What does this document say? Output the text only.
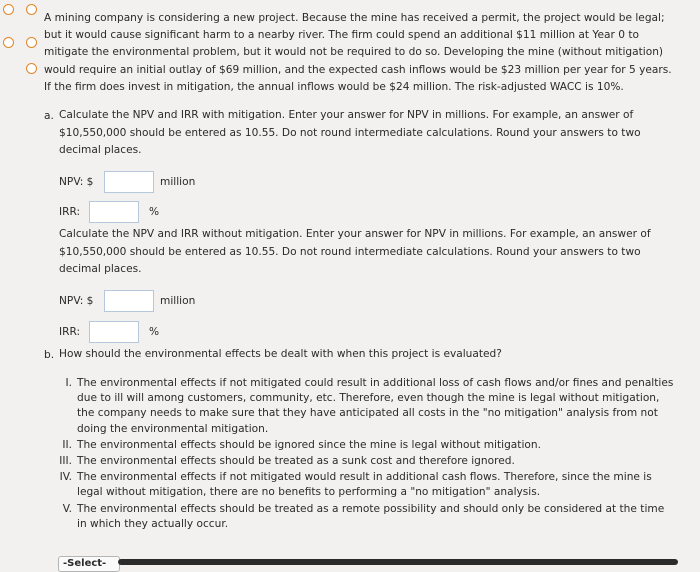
A mining company is considering a new project. Because the mine has received a permit, the project would be legal; but it would cause significant harm to a nearby river. The firm could spend an additional $11 million at Year 0 to mitigate the environmental problem, but it would not be required to do so. Developing the mine (without mitigation) would require an initial outlay of $69 million, and the expected cash inflows would be $23 million per year for 5 years. If the firm does invest in mitigation, the annual inflows would be $24 million. The risk-adjusted WACC is 10%.
a. Calculate the NPV and IRR with mitigation. Enter your answer for NPV in millions. For example, an answer of $10,550,000 should be entered as 10.55. Do not round intermediate calculations. Round your answers to two decimal places.
NPV: $	million
IRR:	%
Calculate the NPV and IRR without mitigation. Enter your answer for NPV in millions. For example, an answer of $10,550,000 should be entered as 10.55. Do not round intermediate calculations. Round your answers to two decimal places.
NPV: $	million
IRR:	%
b. How should the environmental effects be dealt with when this project is evaluated?
I. The environmental effects if not mitigated could result in additional loss of cash flows and/or fines and penalties due to ill will among customers, community, etc. Therefore, even though the mine is legal without mitigation, the company needs to make sure that they have anticipated all costs in the "no mitigation" analysis from not doing the environmental mitigation.
II. The environmental effects should be ignored since the mine is legal without mitigation.
III. The environmental effects should be treated as a sunk cost and therefore ignored.
IV. The environmental effects if not mitigated would result in additional cash flows. Therefore, since the mine is legal without mitigation, there are no benefits to performing a "no mitigation" analysis.
V. The environmental effects should be treated as a remote possibility and should only be considered at the time in which they actually occur.
-Select-
